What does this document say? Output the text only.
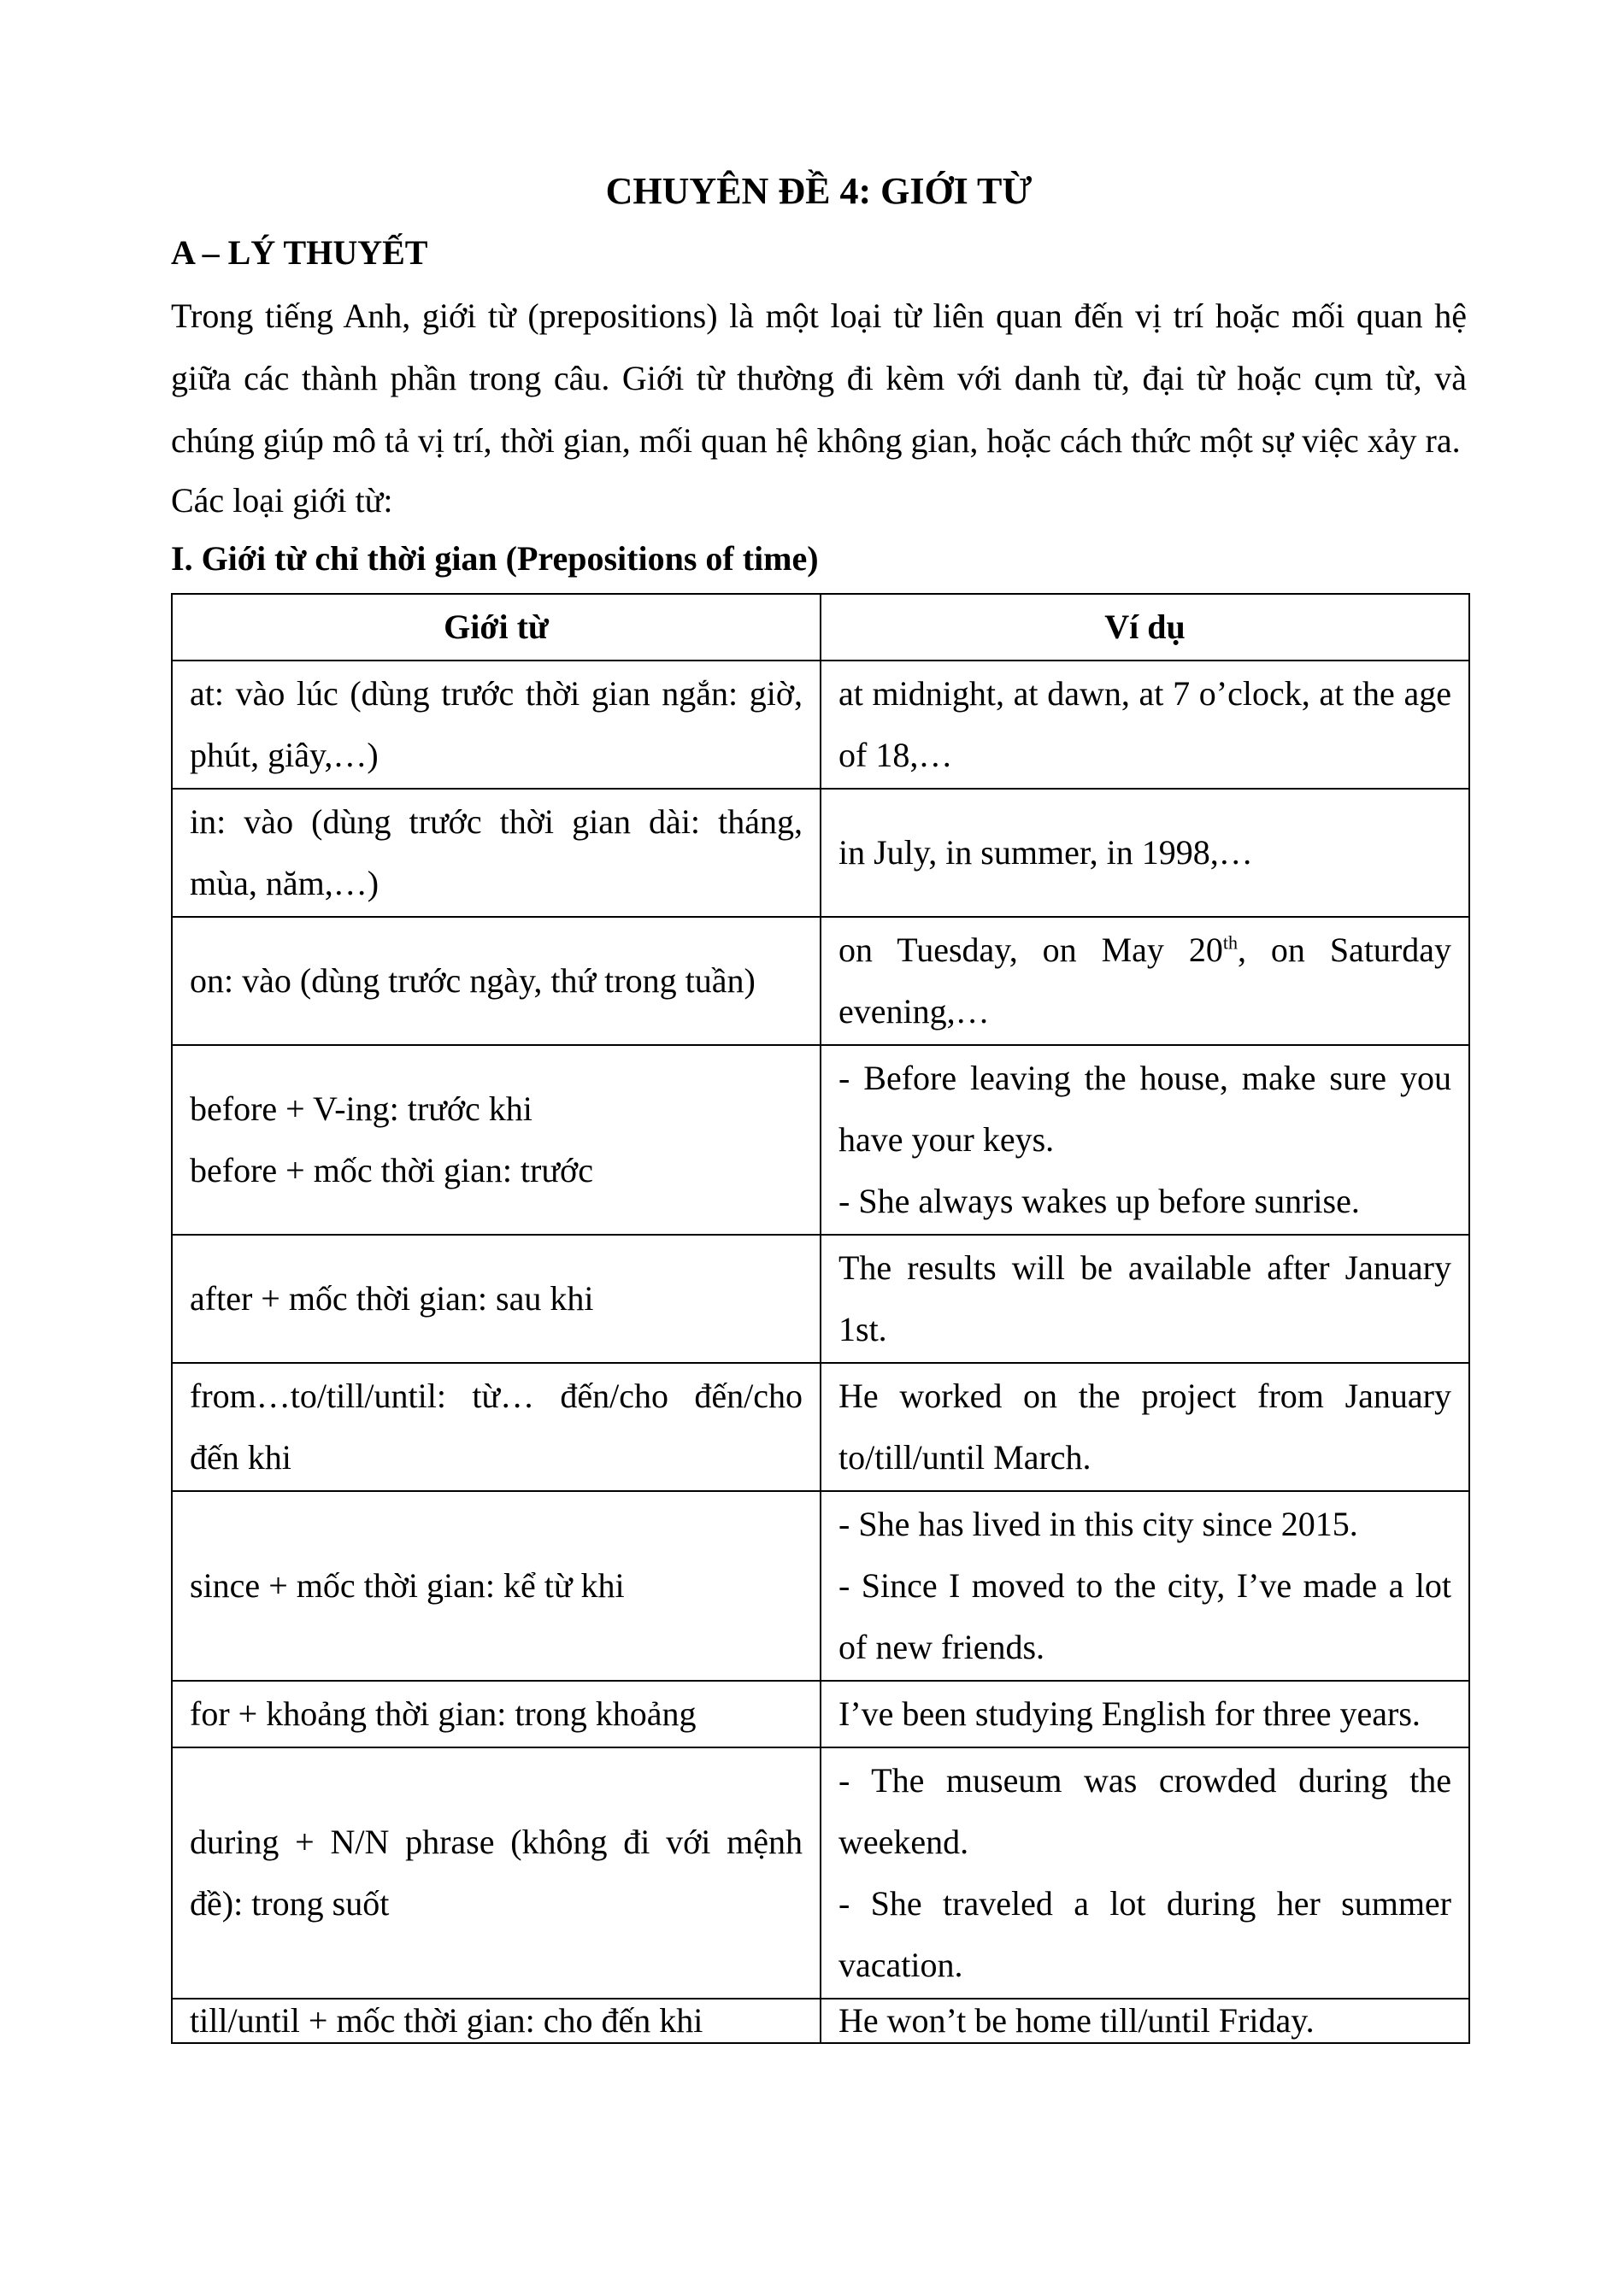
CHUYÊN ĐỀ 4: GIỚI TỪ
A – LÝ THUYẾT

Trong tiếng Anh, giới từ (prepositions) là một loại từ liên quan đến vị trí hoặc mối quan hệ giữa các thành phần trong câu. Giới từ thường đi kèm với danh từ, đại từ hoặc cụm từ, và chúng giúp mô tả vị trí, thời gian, mối quan hệ không gian, hoặc cách thức một sự việc xảy ra.

Các loại giới từ:

I. Giới từ chỉ thời gian (Prepositions of time)
Giới từ	Ví dụ

at: vào lúc (dùng trước thời gian ngắn: giờ, phút, giây,…)	at midnight, at dawn, at 7 o’clock, at the age of 18,…

in: vào (dùng trước thời gian dài: tháng, mùa, năm,…)	in July, in summer, in 1998,…

on: vào (dùng trước ngày, thứ trong tuần)	on Tuesday, on May 20th, on Saturday evening,…

before + V-ing: trước khi
before + mốc thời gian: trước	- Before leaving the house, make sure you have your keys.
- She always wakes up before sunrise.

after + mốc thời gian: sau khi	The results will be available after January 1st.

from…to/till/until: từ… đến/cho đến/cho đến khi	He worked on the project from January to/till/until March.

since + mốc thời gian: kể từ khi	- She has lived in this city since 2015.
- Since I moved to the city, I’ve made a lot of new friends.

for + khoảng thời gian: trong khoảng	I’ve been studying English for three years.

during + N/N phrase (không đi với mệnh đề): trong suốt	- The museum was crowded during the weekend.
- She traveled a lot during her summer vacation.

till/until + mốc thời gian: cho đến khi	He won’t be home till/until Friday.
